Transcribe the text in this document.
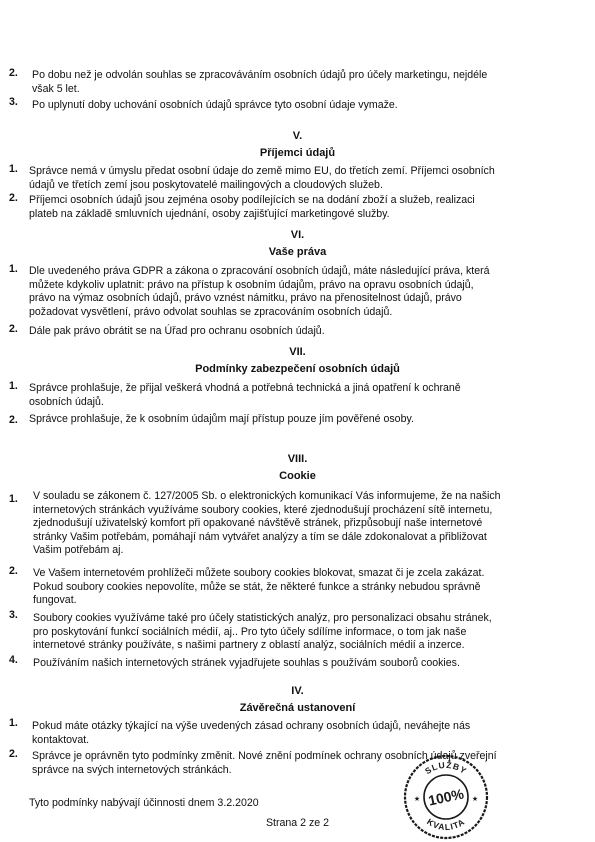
2.	Po dobu než je odvolán souhlas se zpracováváním osobních údajů pro účely marketingu, nejdéle
však 5 let.
3.	Po uplynutí doby uchování osobních údajů správce tyto osobní údaje vymaže.
V.
Příjemci údajů
1.	Správce nemá v úmyslu předat osobní údaje do země mimo EU, do třetích zemí. Příjemci osobních
údajů ve třetích zemí jsou poskytovatelé mailingových a cloudových služeb.
2.	Příjemci osobních údajů jsou zejména osoby podílejících se na dodání zboží a služeb, realizaci
plateb na základě smluvních ujednání, osoby zajišťující marketingové služby.
VI.
Vaše práva
1.	Dle uvedeného práva GDPR a zákona o zpracování osobních údajů, máte následující práva, která
můžete kdykoliv uplatnit: právo na přístup k osobním údajům, právo na opravu osobních údajů,
právo na výmaz osobních údajů, právo vznést námitku, právo na přenositelnost údajů, právo
požadovat vysvětlení, právo odvolat souhlas se zpracováním osobních údajů.
2.	Dále pak právo obrátit se na Úřad pro ochranu osobních údajů.
VII.
Podmínky zabezpečení osobních údajů
1.	Správce prohlašuje, že přijal veškerá vhodná a potřebná technická a jiná opatření k ochraně
osobních údajů.
2.	Správce prohlašuje, že k osobním údajům mají přístup pouze jím pověřené osoby.
VIII.
Cookie
1.	V souladu se zákonem č. 127/2005 Sb. o elektronických komunikací Vás informujeme, že na našich
internetových stránkách využíváme soubory cookies, které zjednodušují procházení sítě internetu,
zjednodušují uživatelský komfort při opakované návštěvě stránek, přizpůsobují naše internetové
stránky Vašim potřebám, pomáhají nám vytvářet analýzy a tím se dále zdokonalovat a přibližovat
Vašim potřebám aj.
2.	Ve Vašem internetovém prohlížeči můžete soubory cookies blokovat, smazat či je zcela zakázat.
Pokud soubory cookies nepovolíte, může se stát, že některé funkce a stránky nebudou správně
fungovat.
3.	Soubory cookies využíváme také pro účely statistických analýz, pro personalizaci obsahu stránek,
pro poskytování funkcí sociálních médií, aj.. Pro tyto účely sdílíme informace, o tom jak naše
internetové stránky používáte, s našimi partnery z oblastí analýz, sociálních médií a inzerce.
4.	Používáním našich internetových stránek vyjadřujete souhlas s používám souborů cookies.
IV.
Závěrečná ustanovení
1.	Pokud máte otázky týkající na výše uvedených zásad ochrany osobních údajů, neváhejte nás
kontaktovat.
2.	Správce je oprávněn tyto podmínky změnit. Nové znění podmínek ochrany osobních údajů zveřejní
správce na svých internetových stránkách.
Tyto podmínky nabývají účinnosti dnem 3.2.2020
Strana 2 ze 2
SLUŽBY
KVALITA
★	★
100%
